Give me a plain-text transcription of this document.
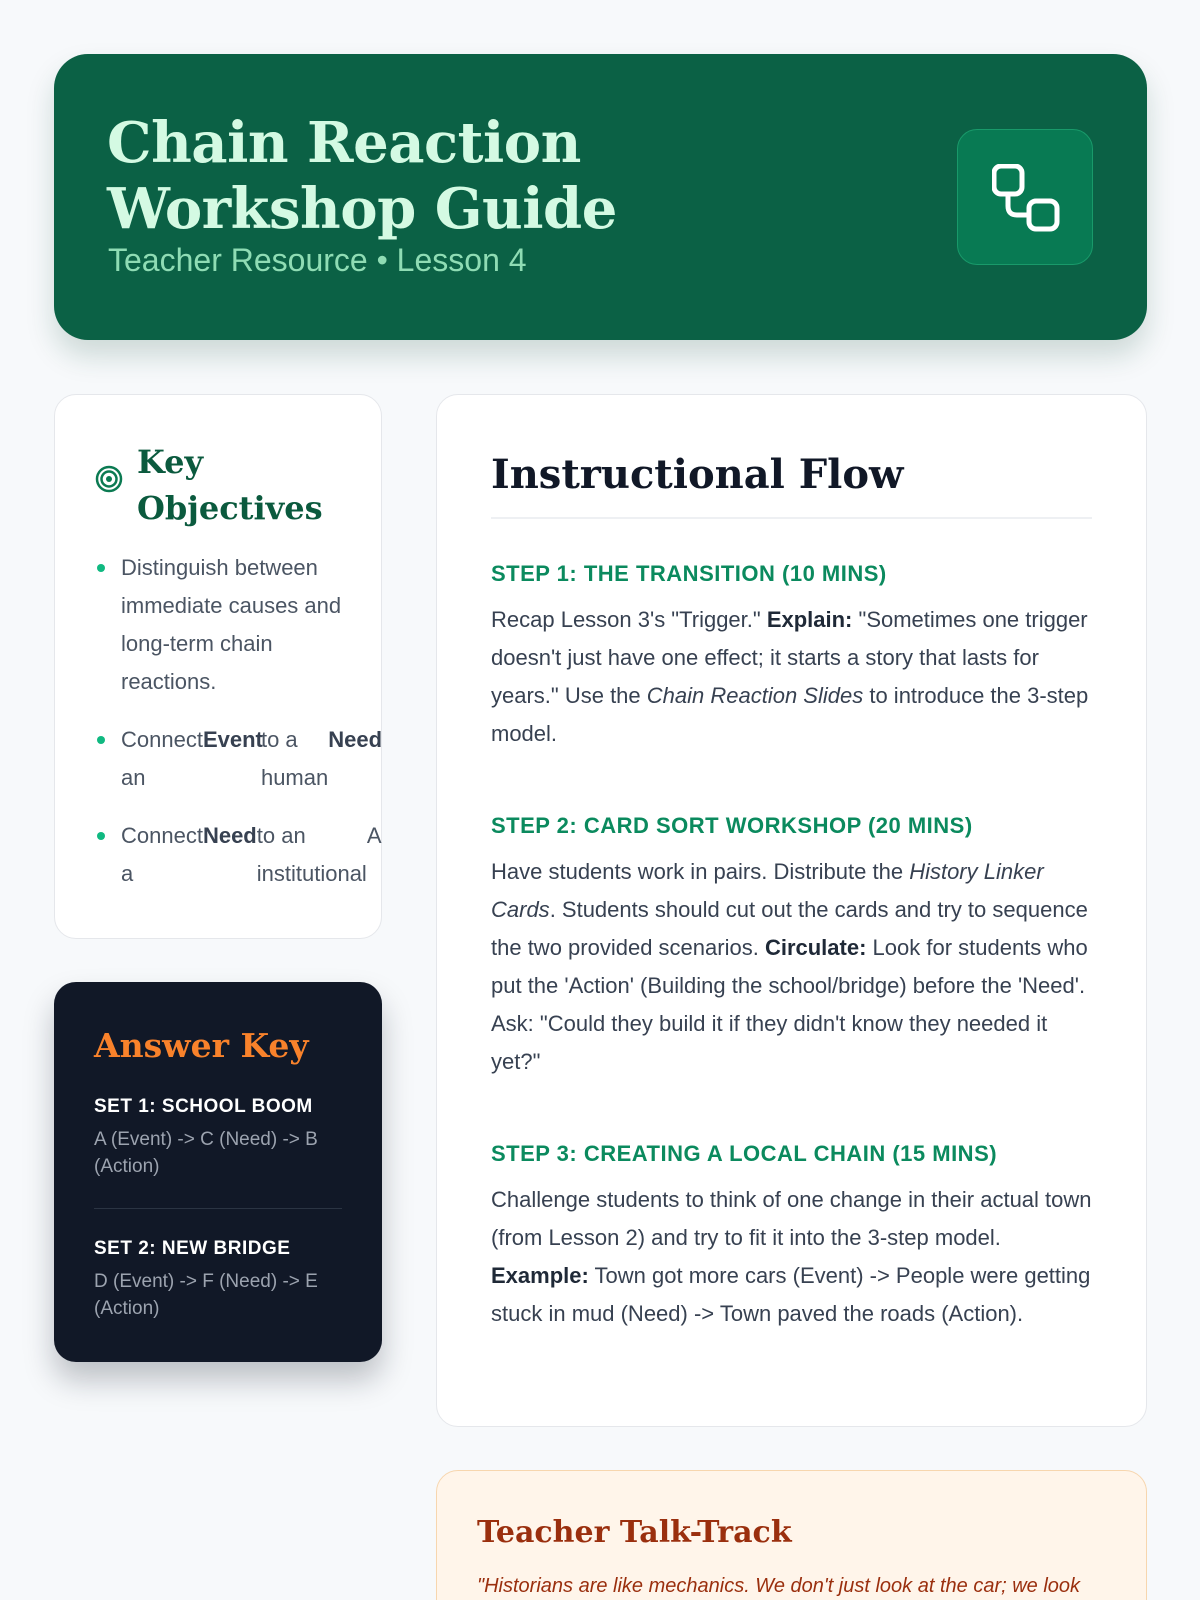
Chain Reaction Workshop Guide
Teacher Resource • Lesson 4
Key Objectives
Distinguish between immediate causes and long-term chain reactions.
Connect an
Event
to a human
Need
Connect a
Need to an institutional
A
Answer Key
SET 1: SCHOOL BOOM
A (Event) -> C (Need) -> B (Action)
SET 2: NEW BRIDGE
D (Event) -> F (Need) -> E (Action)
Instructional Flow
STEP 1: THE TRANSITION (10 MINS)

Recap Lesson 3's "Trigger." Explain: "Sometimes one trigger doesn't just have one effect; it starts a story that lasts for years." Use the Chain Reaction Slides to introduce the 3-step model.

STEP 2: CARD SORT WORKSHOP (20 MINS)

Have students work in pairs. Distribute the History Linker Cards. Students should cut out the cards and try to sequence the two provided scenarios. Circulate: Look for students who put the 'Action' (Building the school/bridge) before the 'Need'. Ask: "Could they build it if they didn't know they needed it yet?"

STEP 3: CREATING A LOCAL CHAIN (15 MINS)

Challenge students to think of one change in their actual town (from Lesson 2) and try to fit it into the 3-step model. Example: Town got more cars (Event) -> People were getting stuck in mud (Need) -> Town paved the roads (Action).

Teacher Talk-Track
"Historians are like mechanics. We don't just look at the car; we look
